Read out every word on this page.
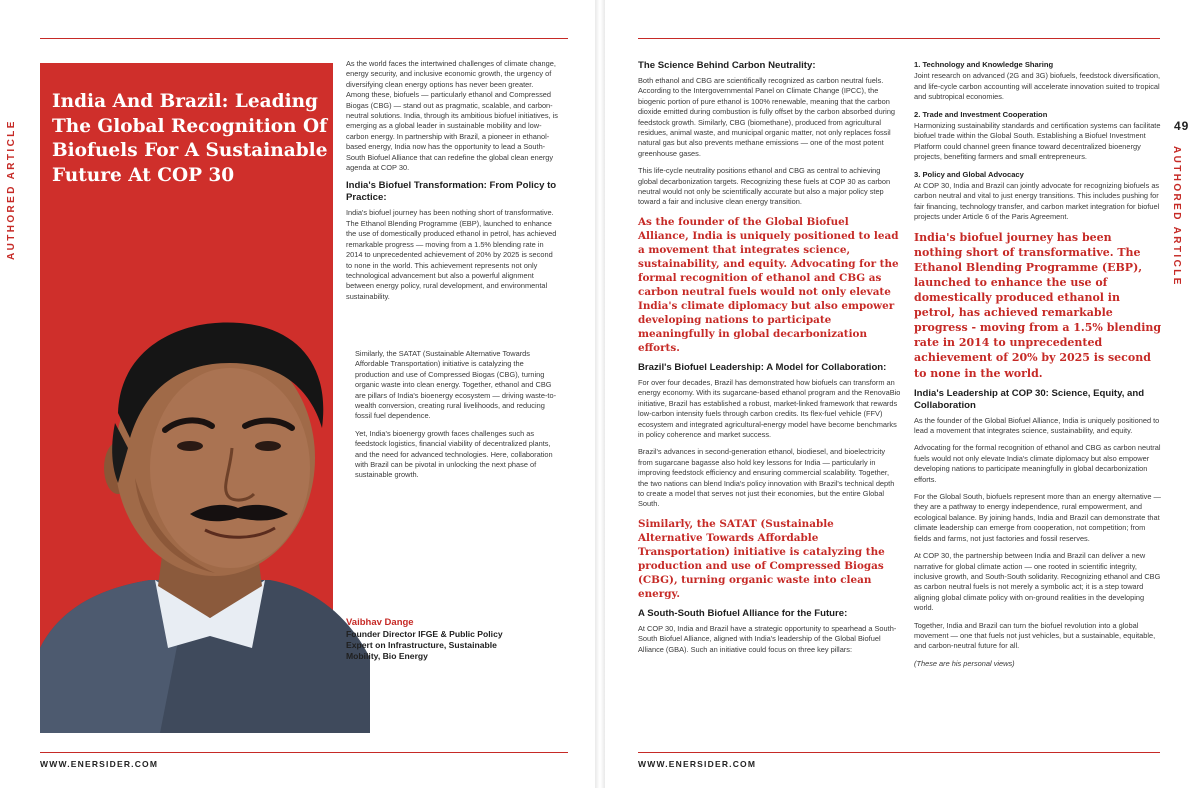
AUTHORED ARTICLE
India And Brazil: Leading The Global Recognition Of Biofuels For A Sustainable Future At COP 30

As the world faces the intertwined challenges of climate change, energy security, and inclusive economic growth, the urgency of diversifying clean energy options has never been greater. Among these, biofuels — particularly ethanol and Compressed Biogas (CBG) — stand out as pragmatic, scalable, and carbon-neutral solutions. India, through its ambitious biofuel initiatives, is emerging as a global leader in sustainable mobility and low-carbon energy. In partnership with Brazil, a pioneer in ethanol-based energy, India now has the opportunity to lead a South-South Biofuel Alliance that can redefine the global clean energy agenda at COP 30.

India's Biofuel Transformation: From Policy to Practice:

India's biofuel journey has been nothing short of transformative. The Ethanol Blending Programme (EBP), launched to enhance the use of domestically produced ethanol in petrol, has achieved remarkable progress — moving from a 1.5% blending rate in 2014 to unprecedented achievement of 20% by 2025 is second to none in the world. This achievement represents not only technological advancement but also a powerful alignment between energy policy, rural development, and environmental sustainability.

Similarly, the SATAT (Sustainable Alternative Towards Affordable Transportation) initiative is catalyzing the production and use of Compressed Biogas (CBG), turning organic waste into clean energy. Together, ethanol and CBG are pillars of India's bioenergy ecosystem — driving waste-to-wealth conversion, creating rural livelihoods, and reducing fossil fuel dependence.

Yet, India's bioenergy growth faces challenges such as feedstock logistics, financial viability of decentralized plants, and the need for advanced technologies. Here, collaboration with Brazil can be pivotal in unlocking the next phase of sustainable growth.

Vaibhav Dange
Founder Director IFGE & Public Policy Expert on Infrastructure, Sustainable Mobility, Bio Energy
WWW.ENERSIDER.COM
The Science Behind Carbon Neutrality:

Both ethanol and CBG are scientifically recognized as carbon neutral fuels. According to the Intergovernmental Panel on Climate Change (IPCC), the biogenic portion of pure ethanol is 100% renewable, meaning that the carbon dioxide emitted during combustion is fully offset by the carbon absorbed during feedstock growth. Similarly, CBG (biomethane), produced from agricultural residues, animal waste, and municipal organic matter, not only replaces fossil natural gas but also prevents methane emissions — one of the most potent greenhouse gases.

This life-cycle neutrality positions ethanol and CBG as central to achieving global decarbonization targets. Recognizing these fuels at COP 30 as carbon neutral would not only be scientifically accurate but also a major policy step toward a fair and inclusive clean energy transition.

As the founder of the Global Biofuel Alliance, India is uniquely positioned to lead a movement that integrates science, sustainability, and equity. Advocating for the formal recognition of ethanol and CBG as carbon neutral fuels would not only elevate India's climate diplomacy but also empower developing nations to participate meaningfully in global decarbonization efforts.

Brazil's Biofuel Leadership: A Model for Collaboration:

For over four decades, Brazil has demonstrated how biofuels can transform an energy economy. With its sugarcane-based ethanol program and the RenovaBio initiative, Brazil has established a robust, market-linked framework that rewards low-carbon intensity fuels through carbon credits. Its flex-fuel vehicle (FFV) ecosystem and integrated agricultural-energy model have become benchmarks in policy coherence and market success.

Brazil's advances in second-generation ethanol, biodiesel, and bioelectricity from sugarcane bagasse also hold key lessons for India — particularly in improving feedstock efficiency and ensuring commercial scalability. Together, the two nations can blend India's policy innovation with Brazil's technical depth to create a model that serves not just their economies, but the entire Global South.

Similarly, the SATAT (Sustainable Alternative Towards Affordable Transportation) initiative is catalyzing the production and use of Compressed Biogas (CBG), turning organic waste into clean energy.

A South-South Biofuel Alliance for the Future:

At COP 30, India and Brazil have a strategic opportunity to spearhead a South-South Biofuel Alliance, aligned with India's leadership of the Global Biofuel Alliance (GBA). Such an initiative could focus on three key pillars:

1. Technology and Knowledge Sharing

Joint research on advanced (2G and 3G) biofuels, feedstock diversification, and life-cycle carbon accounting will accelerate innovation suited to tropical and subtropical economies.

2. Trade and Investment Cooperation

Harmonizing sustainability standards and certification systems can facilitate biofuel trade within the Global South. Establishing a Biofuel Investment Platform could channel green finance toward decentralized bioenergy projects, benefiting farmers and small entrepreneurs.

3. Policy and Global Advocacy

At COP 30, India and Brazil can jointly advocate for recognizing biofuels as carbon neutral and vital to just energy transitions. This includes pushing for fair financing, technology transfer, and carbon market integration for biofuel projects under Article 6 of the Paris Agreement.

India's biofuel journey has been nothing short of transformative. The Ethanol Blending Programme (EBP), launched to enhance the use of domestically produced ethanol in petrol, has achieved remarkable progress - moving from a 1.5% blending rate in 2014 to unprecedented achievement of 20% by 2025 is second to none in the world.

India's Leadership at COP 30: Science, Equity, and Collaboration

As the founder of the Global Biofuel Alliance, India is uniquely positioned to lead a movement that integrates science, sustainability, and equity.

Advocating for the formal recognition of ethanol and CBG as carbon neutral fuels would not only elevate India's climate diplomacy but also empower developing nations to participate meaningfully in global decarbonization efforts.

For the Global South, biofuels represent more than an energy alternative — they are a pathway to energy independence, rural empowerment, and ecological balance. By joining hands, India and Brazil can demonstrate that climate leadership can emerge from cooperation, not competition; from fields and farms, not just factories and fossil reserves.

At COP 30, the partnership between India and Brazil can deliver a new narrative for global climate action — one rooted in scientific integrity, inclusive growth, and South-South solidarity. Recognizing ethanol and CBG as carbon neutral fuels is not merely a symbolic act; it is a step toward aligning global climate policy with on-ground realities in the developing world.

Together, India and Brazil can turn the biofuel revolution into a global movement — one that fuels not just vehicles, but a sustainable, equitable, and carbon-neutral future for all.

(These are his personal views)

WWW.ENERSIDER.COM
49
AUTHORED ARTICLE
